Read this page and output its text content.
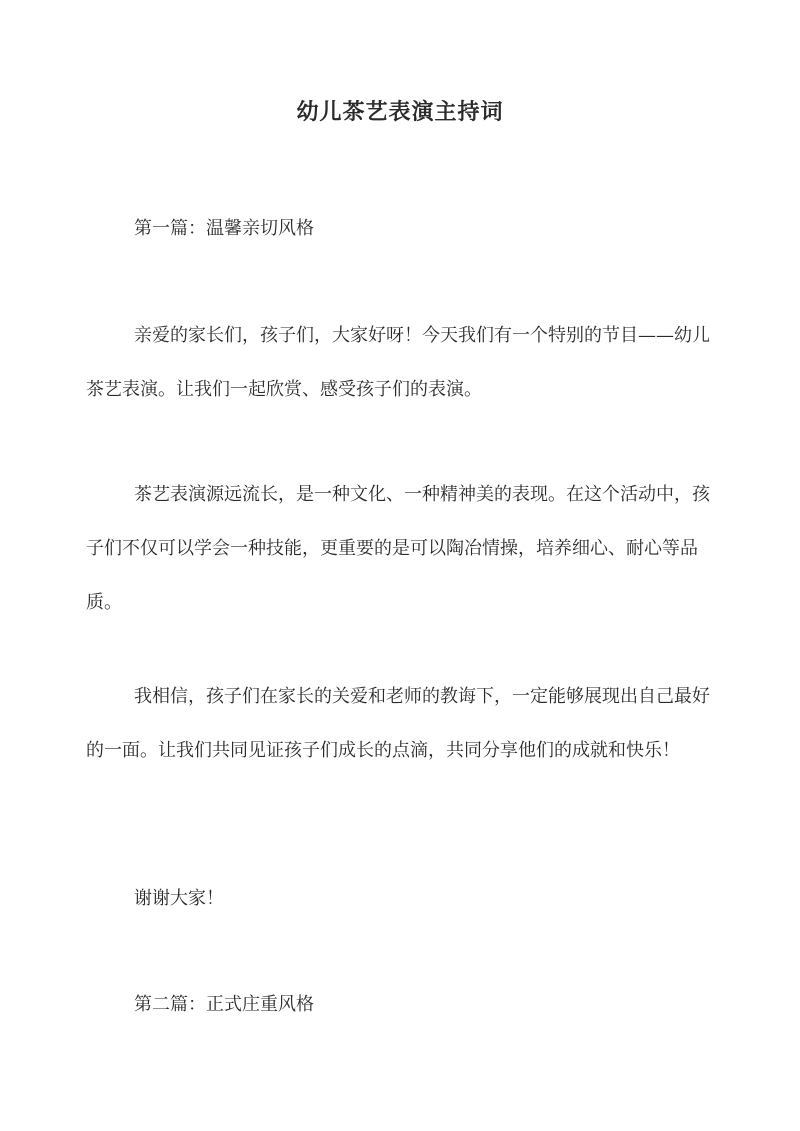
幼儿茶艺表演主持词

第一篇：温馨亲切风格

亲爱的家长们，孩子们，大家好呀！今天我们有一个特别的节目——幼儿茶艺表演。让我们一起欣赏、感受孩子们的表演。

茶艺表演源远流长，是一种文化、一种精神美的表现。在这个活动中，孩子们不仅可以学会一种技能，更重要的是可以陶冶情操，培养细心、耐心等品质。

我相信，孩子们在家长的关爱和老师的教诲下，一定能够展现出自己最好的一面。让我们共同见证孩子们成长的点滴，共同分享他们的成就和快乐！

谢谢大家！

第二篇：正式庄重风格
